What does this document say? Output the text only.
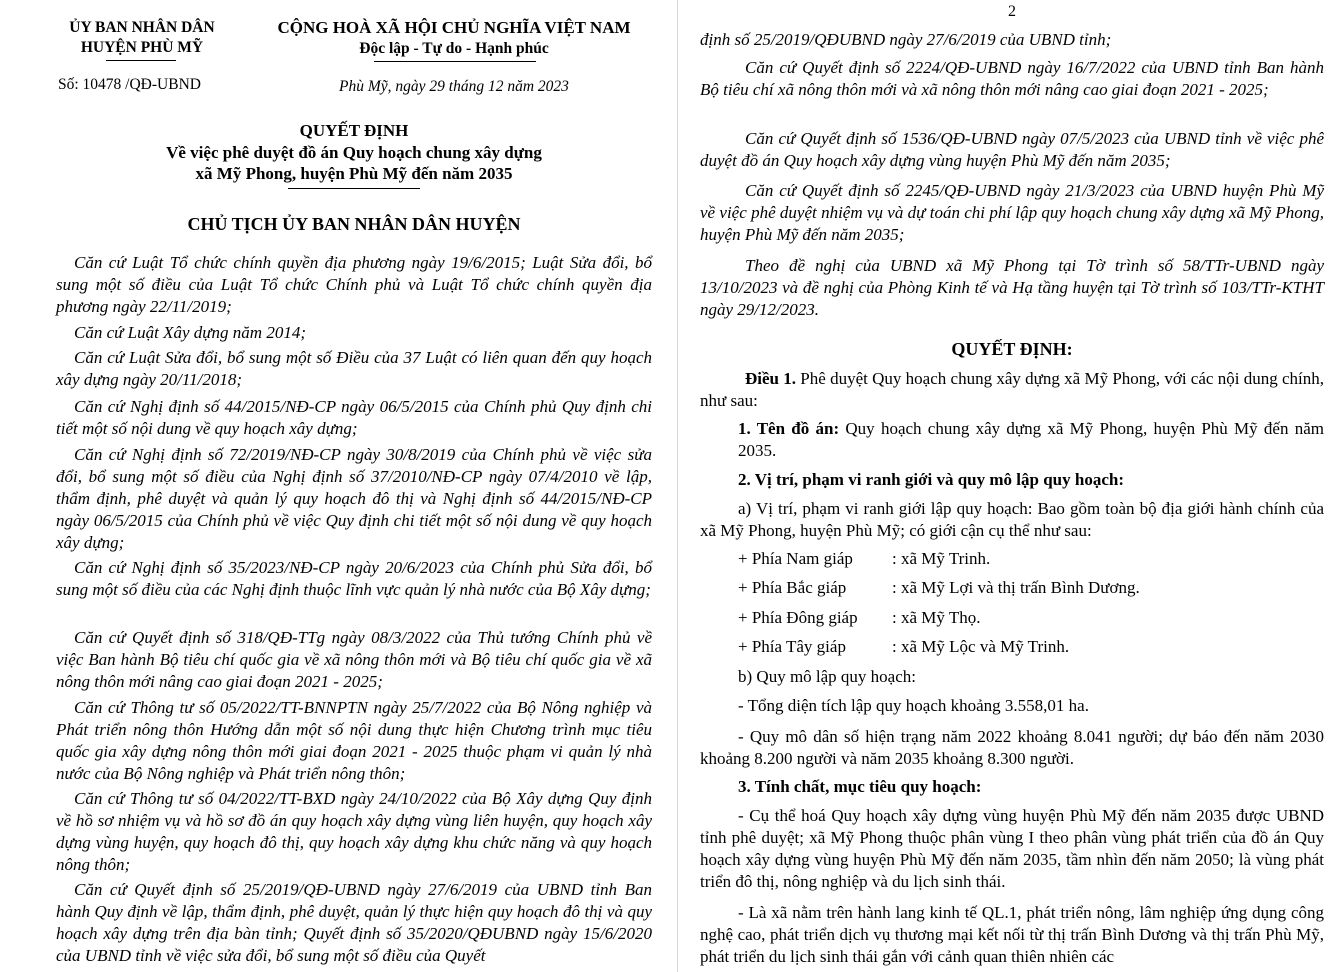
ỦY BAN NHÂN DÂN
HUYỆN PHÙ MỸ
Số: 10478 /QĐ-UBND
CỘNG HOÀ XÃ HỘI CHỦ NGHĨA VIỆT NAM
Độc lập - Tự do - Hạnh phúc
Phù Mỹ, ngày 29 tháng 12 năm 2023
QUYẾT ĐỊNH
Về việc phê duyệt đồ án Quy hoạch chung xây dựng
xã Mỹ Phong, huyện Phù Mỹ đến năm 2035
CHỦ TỊCH ỦY BAN NHÂN DÂN HUYỆN
Căn cứ Luật Tổ chức chính quyền địa phương ngày 19/6/2015; Luật Sửa đổi, bổ sung một số điều của Luật Tổ chức Chính phủ và Luật Tổ chức chính quyền địa phương ngày 22/11/2019;
Căn cứ Luật Xây dựng năm 2014;
Căn cứ Luật Sửa đổi, bổ sung một số Điều của 37 Luật có liên quan đến quy hoạch xây dựng ngày 20/11/2018;
Căn cứ Nghị định số 44/2015/NĐ-CP ngày 06/5/2015 của Chính phủ Quy định chi tiết một số nội dung về quy hoạch xây dựng;
Căn cứ Nghị định số 72/2019/NĐ-CP ngày 30/8/2019 của Chính phủ về việc sửa đổi, bổ sung một số điều của Nghị định số 37/2010/NĐ-CP ngày 07/4/2010 về lập, thẩm định, phê duyệt và quản lý quy hoạch đô thị và Nghị định số 44/2015/NĐ-CP ngày 06/5/2015 của Chính phủ về việc Quy định chi tiết một số nội dung về quy hoạch xây dựng;
Căn cứ Nghị định số 35/2023/NĐ-CP ngày 20/6/2023 của Chính phủ Sửa đổi, bổ sung một số điều của các Nghị định thuộc lĩnh vực quản lý nhà nước của Bộ Xây dựng;
Căn cứ Quyết định số 318/QĐ-TTg ngày 08/3/2022 của Thủ tướng Chính phủ về việc Ban hành Bộ tiêu chí quốc gia về xã nông thôn mới và Bộ tiêu chí quốc gia về xã nông thôn mới nâng cao giai đoạn 2021 - 2025;
Căn cứ Thông tư số 05/2022/TT-BNNPTN ngày 25/7/2022 của Bộ Nông nghiệp và Phát triển nông thôn Hướng dẫn một số nội dung thực hiện Chương trình mục tiêu quốc gia xây dựng nông thôn mới giai đoạn 2021 - 2025 thuộc phạm vi quản lý nhà nước của Bộ Nông nghiệp và Phát triển nông thôn;
Căn cứ Thông tư số 04/2022/TT-BXD ngày 24/10/2022 của Bộ Xây dựng Quy định về hồ sơ nhiệm vụ và hồ sơ đồ án quy hoạch xây dựng vùng liên huyện, quy hoạch xây dựng vùng huyện, quy hoạch đô thị, quy hoạch xây dựng khu chức năng và quy hoạch nông thôn;
Căn cứ Quyết định số 25/2019/QĐ-UBND ngày 27/6/2019 của UBND tỉnh Ban hành Quy định về lập, thẩm định, phê duyệt, quản lý thực hiện quy hoạch đô thị và quy hoạch xây dựng trên địa bàn tỉnh; Quyết định số 35/2020/QĐUBND ngày 15/6/2020 của UBND tỉnh về việc sửa đổi, bổ sung một số điều của Quyết
2
định số 25/2019/QĐUBND ngày 27/6/2019 của UBND tỉnh;
Căn cứ Quyết định số 2224/QĐ-UBND ngày 16/7/2022 của UBND tỉnh Ban hành Bộ tiêu chí xã nông thôn mới và xã nông thôn mới nâng cao giai đoạn 2021 - 2025;
Căn cứ Quyết định số 1536/QĐ-UBND ngày 07/5/2023 của UBND tỉnh về việc phê duyệt đồ án Quy hoạch xây dựng vùng huyện Phù Mỹ đến năm 2035;
Căn cứ Quyết định số 2245/QĐ-UBND ngày 21/3/2023 của UBND huyện Phù Mỹ về việc phê duyệt nhiệm vụ và dự toán chi phí lập quy hoạch chung xây dựng xã Mỹ Phong, huyện Phù Mỹ đến năm 2035;
Theo đề nghị của UBND xã Mỹ Phong tại Tờ trình số 58/TTr-UBND ngày 13/10/2023 và đề nghị của Phòng Kinh tế và Hạ tầng huyện tại Tờ trình số 103/TTr-KTHT ngày 29/12/2023.
QUYẾT ĐỊNH:
Điều 1. Phê duyệt Quy hoạch chung xây dựng xã Mỹ Phong, với các nội dung chính, như sau:
1. Tên đồ án: Quy hoạch chung xây dựng xã Mỹ Phong, huyện Phù Mỹ đến năm 2035.
2. Vị trí, phạm vi ranh giới và quy mô lập quy hoạch:
a) Vị trí, phạm vi ranh giới lập quy hoạch: Bao gồm toàn bộ địa giới hành chính của xã Mỹ Phong, huyện Phù Mỹ; có giới cận cụ thể như sau:
+ Phía Nam giáp : xã Mỹ Trinh.
+ Phía Bắc giáp	: xã Mỹ Lợi và thị trấn Bình Dương.
+ Phía Đông giáp : xã Mỹ Thọ.
+ Phía Tây giáp	: xã Mỹ Lộc và Mỹ Trinh.
b) Quy mô lập quy hoạch:
- Tổng diện tích lập quy hoạch khoảng 3.558,01 ha.
- Quy mô dân số hiện trạng năm 2022 khoảng 8.041 người; dự báo đến năm 2030 khoảng 8.200 người và năm 2035 khoảng 8.300 người.
3. Tính chất, mục tiêu quy hoạch:
- Cụ thể hoá Quy hoạch xây dựng vùng huyện Phù Mỹ đến năm 2035 được UBND tỉnh phê duyệt; xã Mỹ Phong thuộc phân vùng I theo phân vùng phát triển của đồ án Quy hoạch xây dựng vùng huyện Phù Mỹ đến năm 2035, tầm nhìn đến năm 2050; là vùng phát triển đô thị, nông nghiệp và du lịch sinh thái.
- Là xã nằm trên hành lang kinh tế QL.1, phát triển nông, lâm nghiệp ứng dụng công nghệ cao, phát triển dịch vụ thương mại kết nối từ thị trấn Bình Dương và thị trấn Phù Mỹ, phát triển du lịch sinh thái gắn với cảnh quan thiên nhiên các
